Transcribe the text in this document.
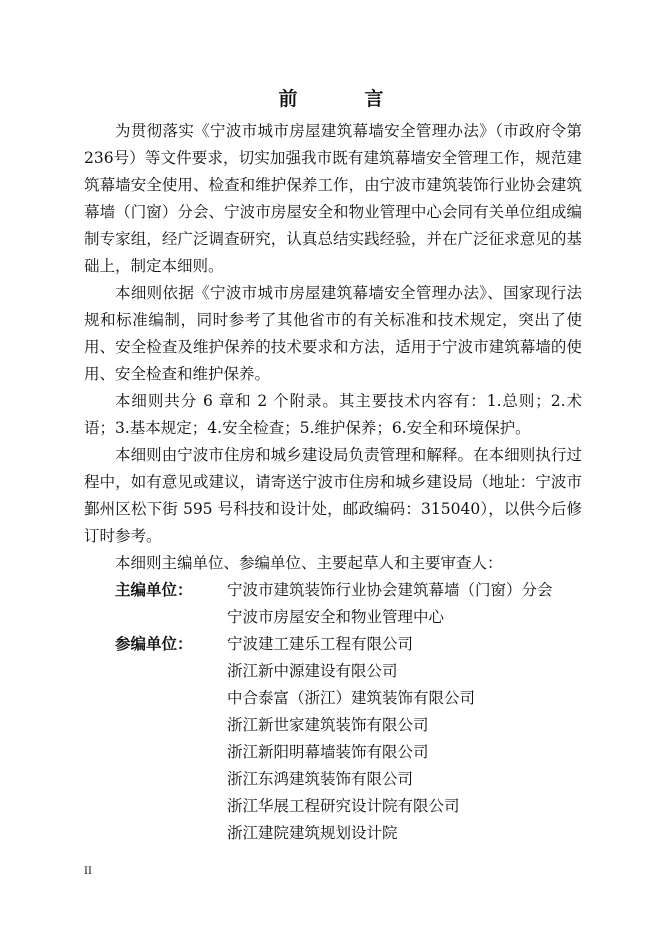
前　言

为贯彻落实《宁波市城市房屋建筑幕墙安全管理办法》（市政府令第236号）等文件要求，切实加强我市既有建筑幕墙安全管理工作，规范建筑幕墙安全使用、检查和维护保养工作，由宁波市建筑装饰行业协会建筑幕墙（门窗）分会、宁波市房屋安全和物业管理中心会同有关单位组成编制专家组，经广泛调查研究，认真总结实践经验，并在广泛征求意见的基础上，制定本细则。

本细则依据《宁波市城市房屋建筑幕墙安全管理办法》、国家现行法规和标准编制，同时参考了其他省市的有关标准和技术规定，突出了使用、安全检查及维护保养的技术要求和方法，适用于宁波市建筑幕墙的使用、安全检查和维护保养。

本细则共分 6 章和 2 个附录。其主要技术内容有：1.总则；2.术语；3.基本规定；4.安全检查；5.维护保养；6.安全和环境保护。

本细则由宁波市住房和城乡建设局负责管理和解释。在本细则执行过程中，如有意见或建议，请寄送宁波市住房和城乡建设局（地址：宁波市鄞州区松下街 595 号科技和设计处，邮政编码：315040），以供今后修订时参考。

本细则主编单位、参编单位、主要起草人和主要审查人：

主编单位：	宁波市建筑装饰行业协会建筑幕墙（门窗）分会
宁波市房屋安全和物业管理中心
参编单位：	宁波建工建乐工程有限公司
浙江新中源建设有限公司
中合泰富（浙江）建筑装饰有限公司
浙江新世家建筑装饰有限公司
浙江新阳明幕墙装饰有限公司
浙江东鸿建筑装饰有限公司
浙江华展工程研究设计院有限公司
浙江建院建筑规划设计院
II
